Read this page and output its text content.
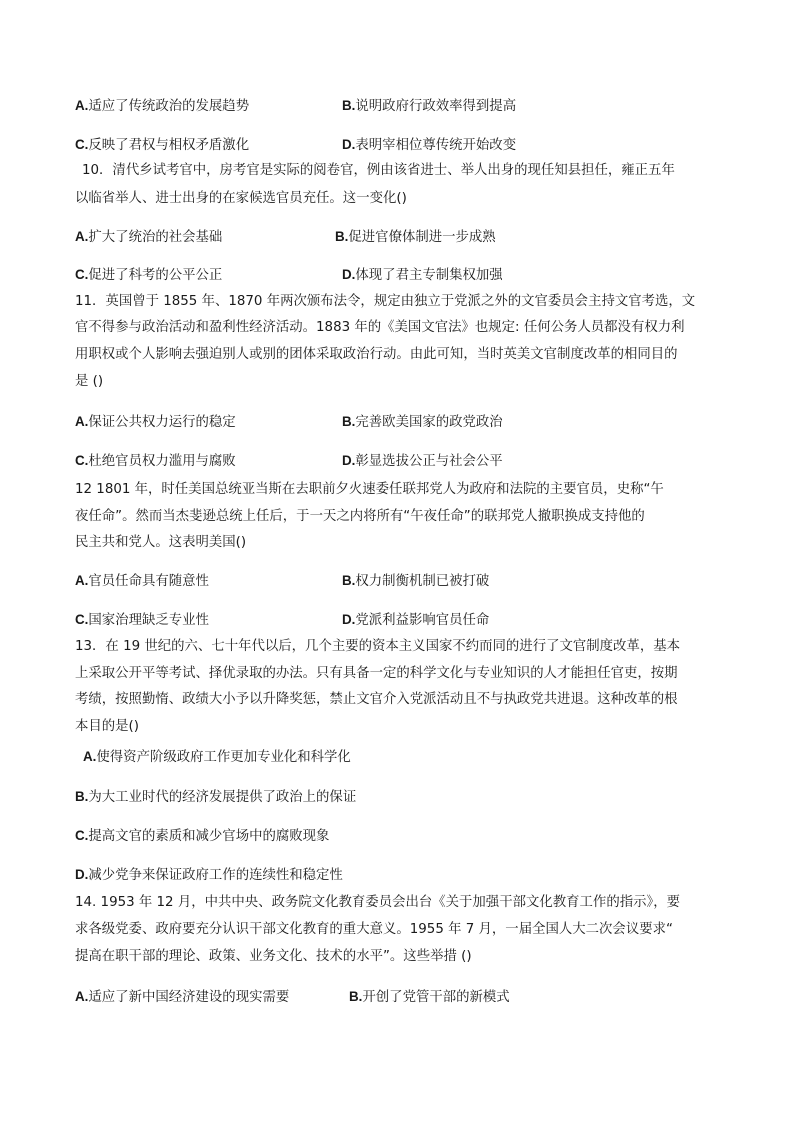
A.适应了传统政治的发展趋势	B.说明政府行政效率得到提高
C.反映了君权与相权矛盾激化	D.表明宰相位尊传统开始改变
10．清代乡试考官中，房考官是实际的阅卷官，例由该省进士、举人出身的现任知县担任，雍正五年
以临省举人、进士出身的在家候选官员充任。这一变化()
A.扩大了统治的社会基础	B.促进官僚体制进一步成熟
C.促进了科考的公平公正	D.体现了君主专制集权加强
11．英国曾于 1855 年、1870 年两次颁布法令，规定由独立于党派之外的文官委员会主持文官考选，文
官不得参与政治活动和盈利性经济活动。1883 年的《美国文官法》也规定: 任何公务人员都没有权力利
用职权或个人影响去强迫别人或别的团体采取政治行动。由此可知，当时英美文官制度改革的相同目的
是 ()
A.保证公共权力运行的稳定	B.完善欧美国家的政党政治
C.杜绝官员权力滥用与腐败	D.彰显选拔公正与社会公平
12 1801 年，时任美国总统亚当斯在去职前夕火速委任联邦党人为政府和法院的主要官员，史称“午
夜任命”。然而当杰斐逊总统上任后，于一天之内将所有“午夜任命”的联邦党人撤职换成支持他的
民主共和党人。这表明美国()
A.官员任命具有随意性	B.权力制衡机制已被打破
C.国家治理缺乏专业性	D.党派利益影响官员任命
13．在 19 世纪的六、七十年代以后，几个主要的资本主义国家不约而同的进行了文官制度改革，基本
上采取公开平等考试、择优录取的办法。只有具备一定的科学文化与专业知识的人才能担任官吏，按期
考绩，按照勤惰、政绩大小予以升降奖惩，禁止文官介入党派活动且不与执政党共进退。这种改革的根
本目的是()
A.使得资产阶级政府工作更加专业化和科学化
B.为大工业时代的经济发展提供了政治上的保证
C.提高文官的素质和减少官场中的腐败现象
D.减少党争来保证政府工作的连续性和稳定性
14. 1953 年 12 月，中共中央、政务院文化教育委员会出台《关于加强干部文化教育工作的指示》，要
求各级党委、政府要充分认识干部文化教育的重大意义。1955 年 7 月，一届全国人大二次会议要求“
提高在职干部的理论、政策、业务文化、技术的水平”。这些举措 ()
A.适应了新中国经济建设的现实需要	B.开创了党管干部的新模式
